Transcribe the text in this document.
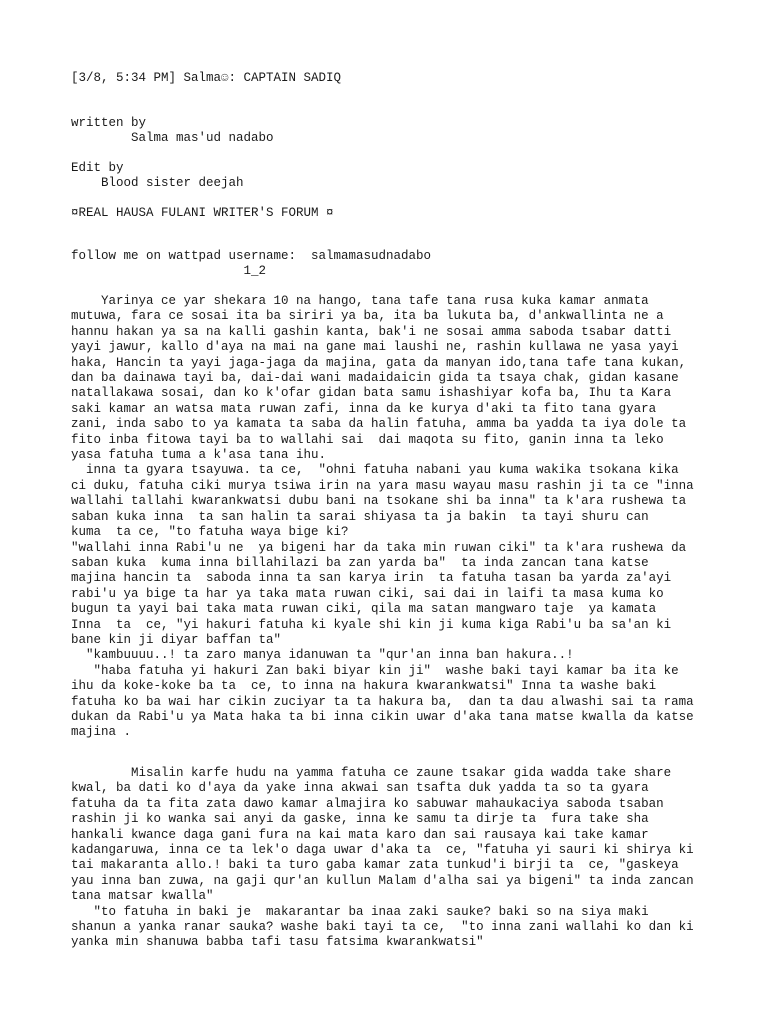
[3/8, 5:34 PM] Salma☺: CAPTAIN SADIQ
written by
Salma mas'ud nadabo
Edit by
Blood sister deejah
¤REAL HAUSA FULANI WRITER'S FORUM ¤
follow me on wattpad username:  salmamasudnadabo
1_2
Yarinya ce yar shekara 10 na hango, tana tafe tana rusa kuka kamar anmata
mutuwa, fara ce sosai ita ba siriri ya ba, ita ba lukuta ba, d'ankwallinta ne a
hannu hakan ya sa na kalli gashin kanta, bak'i ne sosai amma saboda tsabar datti
yayi jawur, kallo d'aya na mai na gane mai laushi ne, rashin kullawa ne yasa yayi
haka, Hancin ta yayi jaga-jaga da majina, gata da manyan ido,tana tafe tana kukan,
dan ba dainawa tayi ba, dai-dai wani madaidaicin gida ta tsaya chak, gidan kasane
natallakawa sosai, dan ko k'ofar gidan bata samu ishashiyar kofa ba, Ihu ta Kara
saki kamar an watsa mata ruwan zafi, inna da ke kurya d'aki ta fito tana gyara
zani, inda sabo to ya kamata ta saba da halin fatuha, amma ba yadda ta iya dole ta
fito inba fitowa tayi ba to wallahi sai  dai maqota su fito, ganin inna ta leko
yasa fatuha tuma a k'asa tana ihu.
inna ta gyara tsayuwa. ta ce,  "ohni fatuha nabani yau kuma wakika tsokana kika
ci duku, fatuha ciki murya tsiwa irin na yara masu wayau masu rashin ji ta ce "inna
wallahi tallahi kwarankwatsi dubu bani na tsokane shi ba inna" ta k'ara rushewa ta
saban kuka inna  ta san halin ta sarai shiyasa ta ja bakin  ta tayi shuru can
kuma  ta ce, "to fatuha waya bige ki?
"wallahi inna Rabi'u ne  ya bigeni har da taka min ruwan ciki" ta k'ara rushewa da
saban kuka  kuma inna billahilazi ba zan yarda ba"  ta inda zancan tana katse
majina hancin ta  saboda inna ta san karya irin  ta fatuha tasan ba yarda za'ayi
rabi'u ya bige ta har ya taka mata ruwan ciki, sai dai in laifi ta masa kuma ko
bugun ta yayi bai taka mata ruwan ciki, qila ma satan mangwaro taje  ya kamata
Inna  ta  ce, "yi hakuri fatuha ki kyale shi kin ji kuma kiga Rabi'u ba sa'an ki
bane kin ji diyar baffan ta"
"kambuuuu..! ta zaro manya idanuwan ta "qur'an inna ban hakura..!
"haba fatuha yi hakuri Zan baki biyar kin ji"  washe baki tayi kamar ba ita ke
ihu da koke-koke ba ta  ce, to inna na hakura kwarankwatsi" Inna ta washe baki
fatuha ko ba wai har cikin zuciyar ta ta hakura ba,  dan ta dau alwashi sai ta rama
dukan da Rabi'u ya Mata haka ta bi inna cikin uwar d'aka tana matse kwalla da katse
majina .
Misalin karfe hudu na yamma fatuha ce zaune tsakar gida wadda take share
kwal, ba dati ko d'aya da yake inna akwai san tsafta duk yadda ta so ta gyara
fatuha da ta fita zata dawo kamar almajira ko sabuwar mahaukaciya saboda tsaban
rashin ji ko wanka sai anyi da gaske, inna ke samu ta dirje ta  fura take sha
hankali kwance daga gani fura na kai mata karo dan sai rausaya kai take kamar
kadangaruwa, inna ce ta lek'o daga uwar d'aka ta  ce, "fatuha yi sauri ki shirya ki
tai makaranta allo.! baki ta turo gaba kamar zata tunkud'i birji ta  ce, "gaskeya
yau inna ban zuwa, na gaji qur'an kullun Malam d'alha sai ya bigeni" ta inda zancan
tana matsar kwalla"
"to fatuha in baki je  makarantar ba inaa zaki sauke? baki so na siya maki
shanun a yanka ranar sauka? washe baki tayi ta ce,  "to inna zani wallahi ko dan ki
yanka min shanuwa babba tafi tasu fatsima kwarankwatsi"
